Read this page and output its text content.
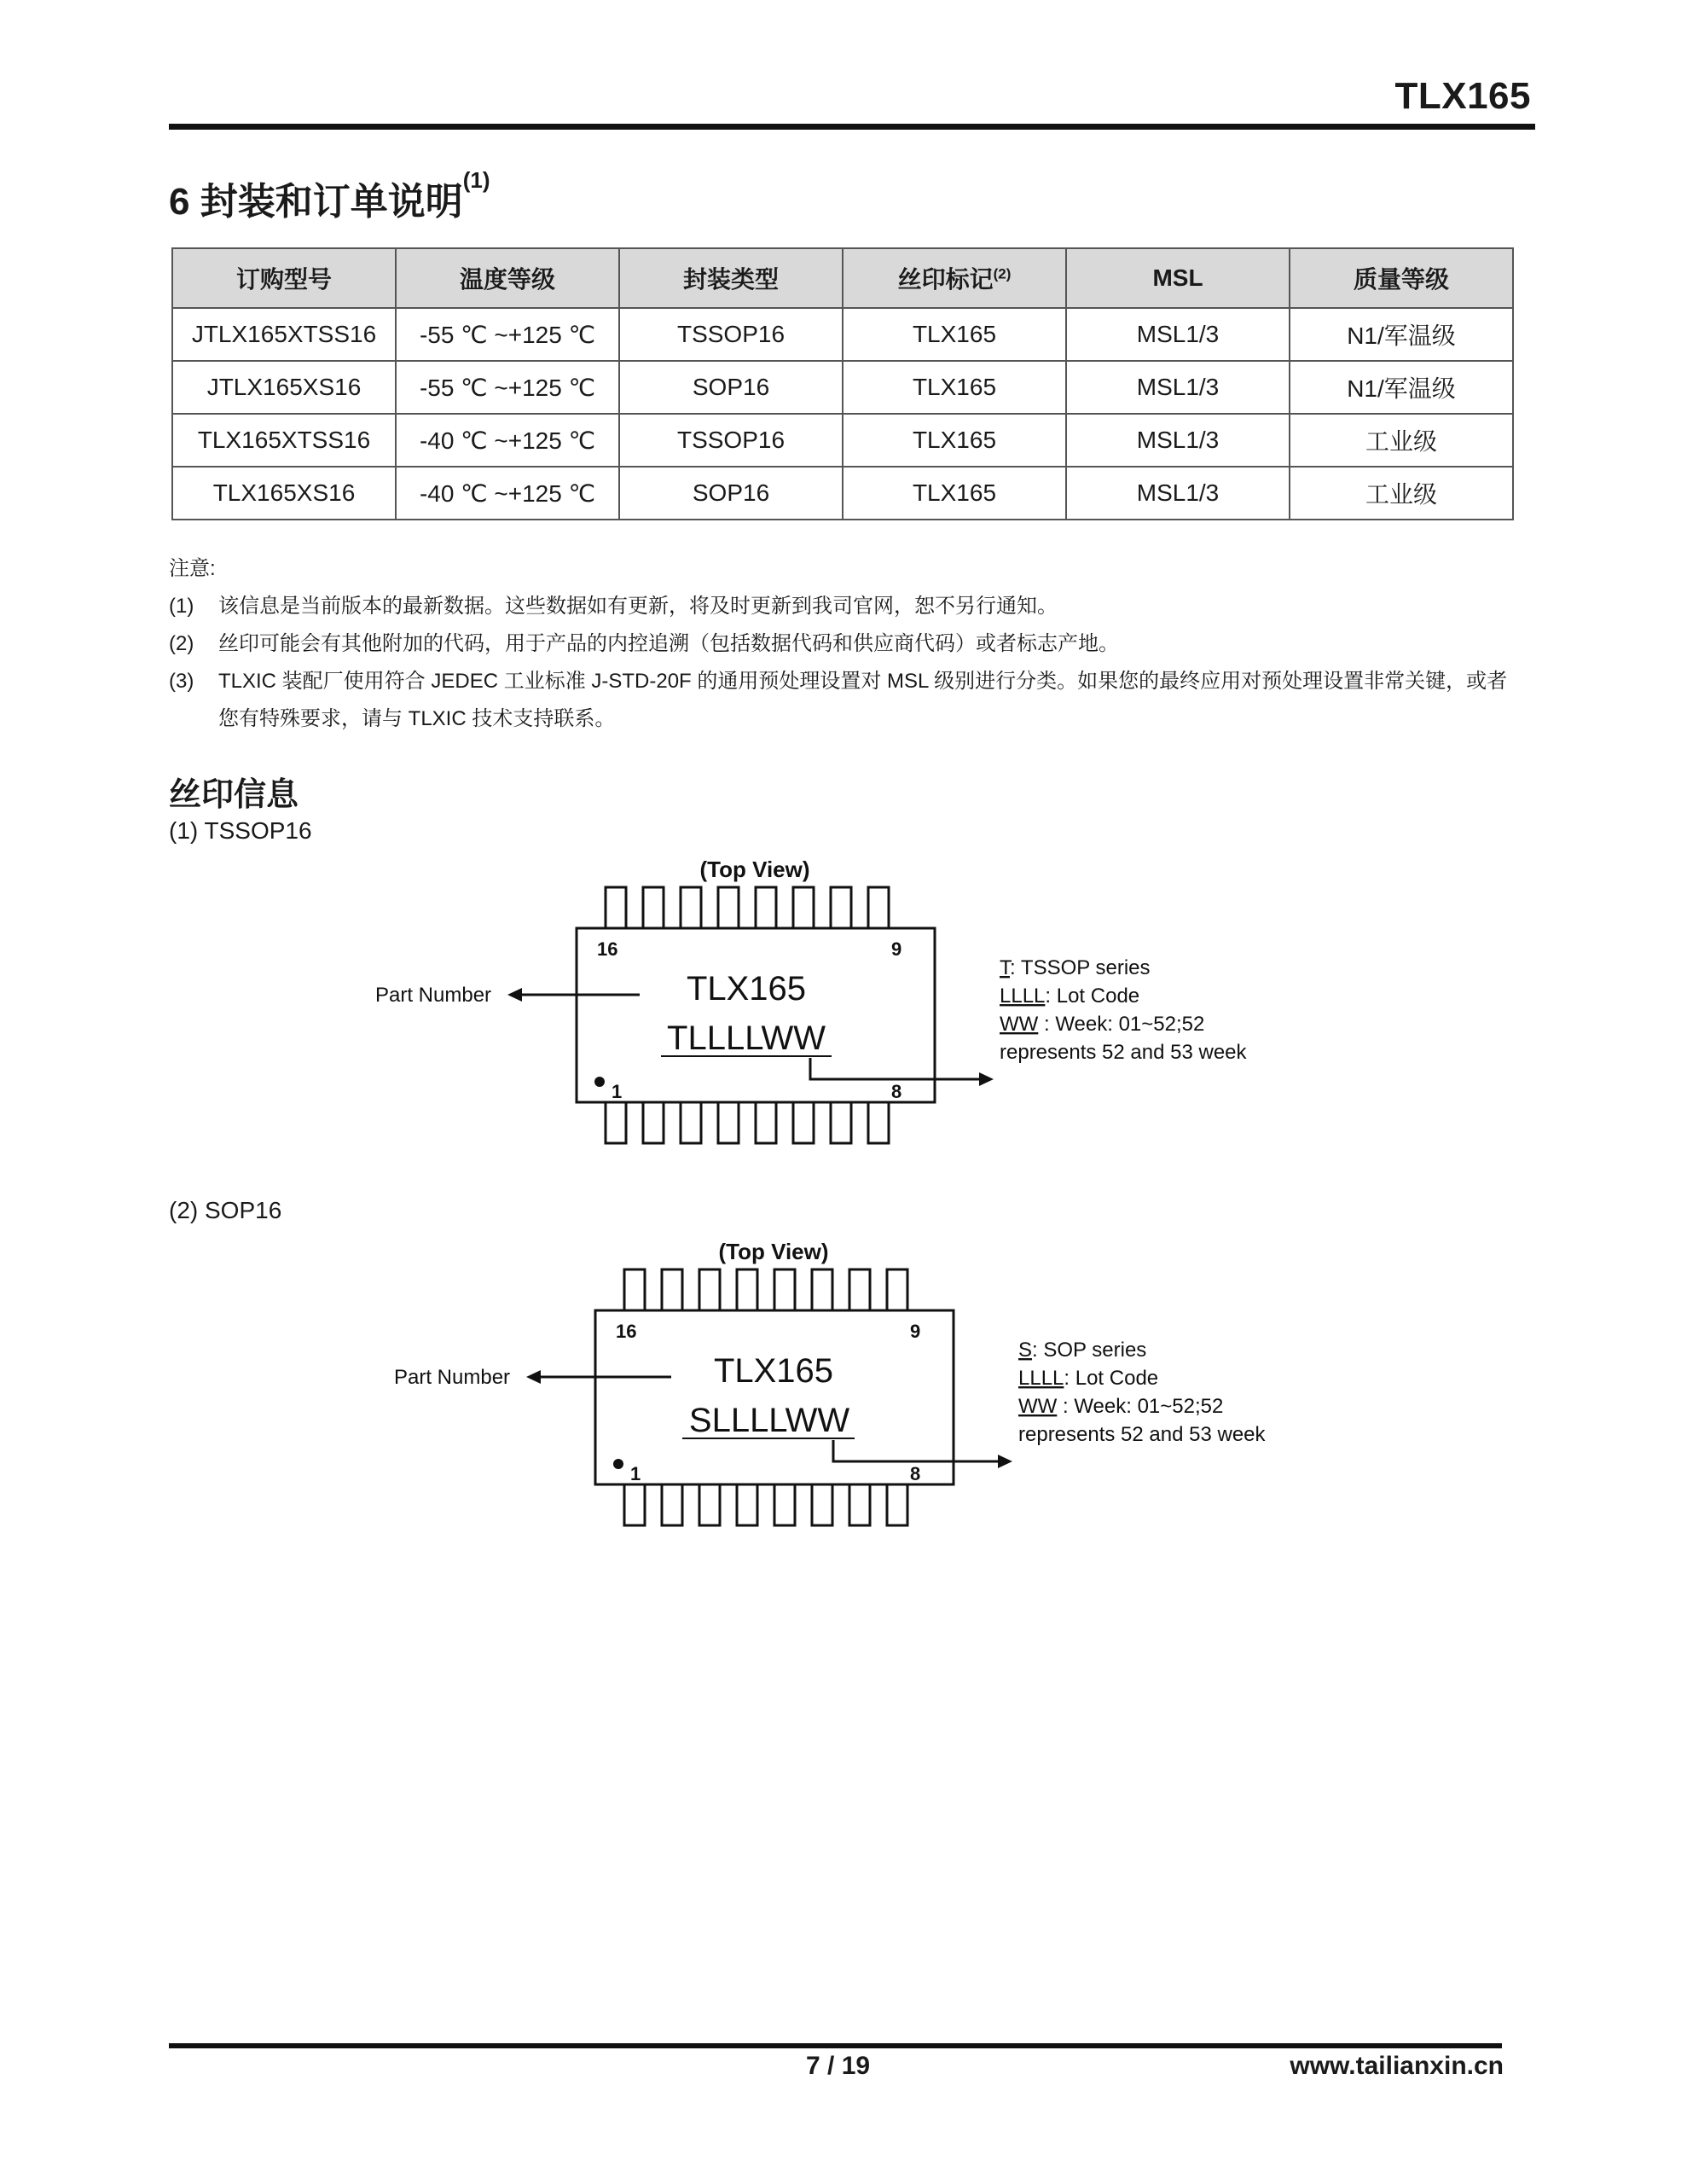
TLX165
6 封装和订单说明$^{(1)}$
订购型号	温度等级	封装类型	丝印标记$^{(2)}$	MSL	质量等级
JTLX165XTSS16	-55 ℃ ~+125 ℃	TSSOP16	TLX165	MSL1/3	N1/军温级
JTLX165XS16	-55 ℃ ~+125 ℃	SOP16	TLX165	MSL1/3	N1/军温级
TLX165XTSS16	-40 ℃ ~+125 ℃	TSSOP16	TLX165	MSL1/3	工业级
TLX165XS16	-40 ℃ ~+125 ℃	SOP16	TLX165	MSL1/3	工业级
注意:
(1)	该信息是当前版本的最新数据。这些数据如有更新，将及时更新到我司官网，恕不另行通知。
(2)	丝印可能会有其他附加的代码，用于产品的内控追溯（包括数据代码和供应商代码）或者标志产地。
(3)	TLXIC 装配厂使用符合 JEDEC 工业标准 J-STD-20F 的通用预处理设置对 MSL 级别进行分类。如果您的最终应用对预处理设置非常关键，或者您有特殊要求，请与 TLXIC 技术支持联系。
丝印信息
(1) TSSOP16
(Top View)
16	9
1	8
TLX165
TLLLLWW
Part Number
T: TSSOP series
LLLL: Lot Code
WW : Week: 01~52;52
represents 52 and 53 week
(2) SOP16
(Top View)
16	9
1	8
TLX165
SLLLLWW
Part Number
S: SOP series
LLLL: Lot Code
WW : Week: 01~52;52
represents 52 and 53 week
7 / 19	www.tailianxin.cn
